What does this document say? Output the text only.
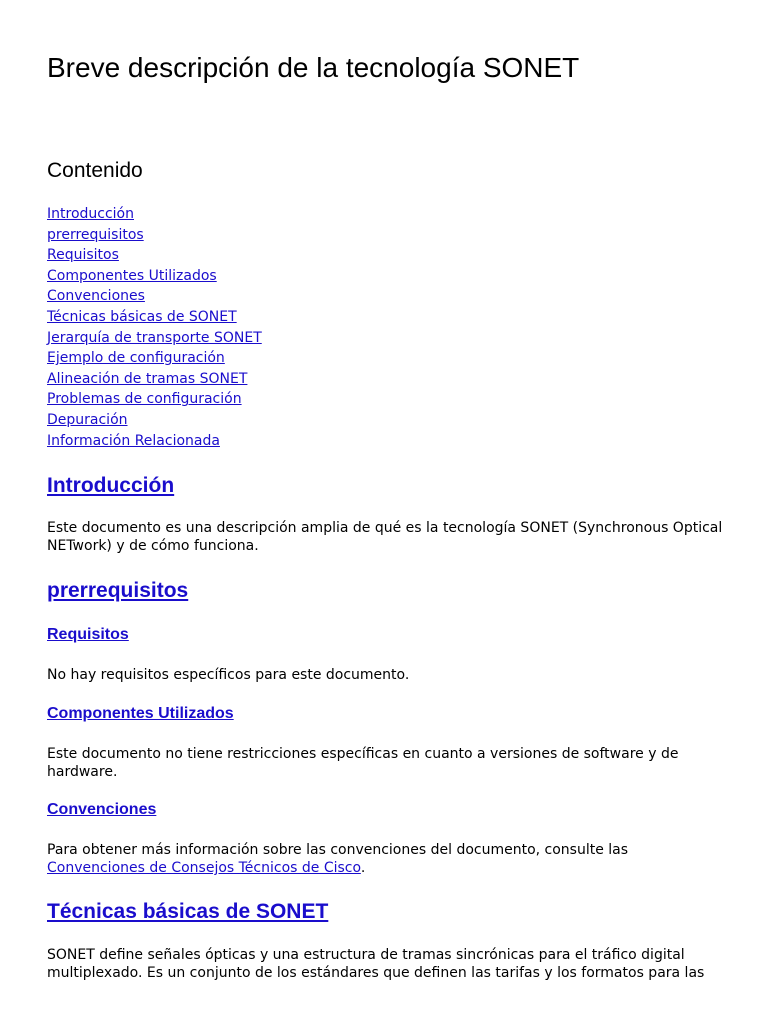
Breve descripción de la tecnología SONET
Contenido
Introducción
prerrequisitos
Requisitos
Componentes Utilizados
Convenciones
Técnicas básicas de SONET
Jerarquía de transporte SONET
Ejemplo de configuración
Alineación de tramas SONET
Problemas de configuración
Depuración
Información Relacionada
Introducción

Este documento es una descripción amplia de qué es la tecnología SONET (Synchronous Optical NETwork) y de cómo funciona.

prerrequisitos
Requisitos

No hay requisitos específicos para este documento.

Componentes Utilizados

Este documento no tiene restricciones específicas en cuanto a versiones de software y de hardware.

Convenciones

Para obtener más información sobre las convenciones del documento, consulte las Convenciones de Consejos Técnicos de Cisco.

Técnicas básicas de SONET

SONET define señales ópticas y una estructura de tramas sincrónicas para el tráfico digital multiplexado. Es un conjunto de los estándares que definen las tarifas y los formatos para las
